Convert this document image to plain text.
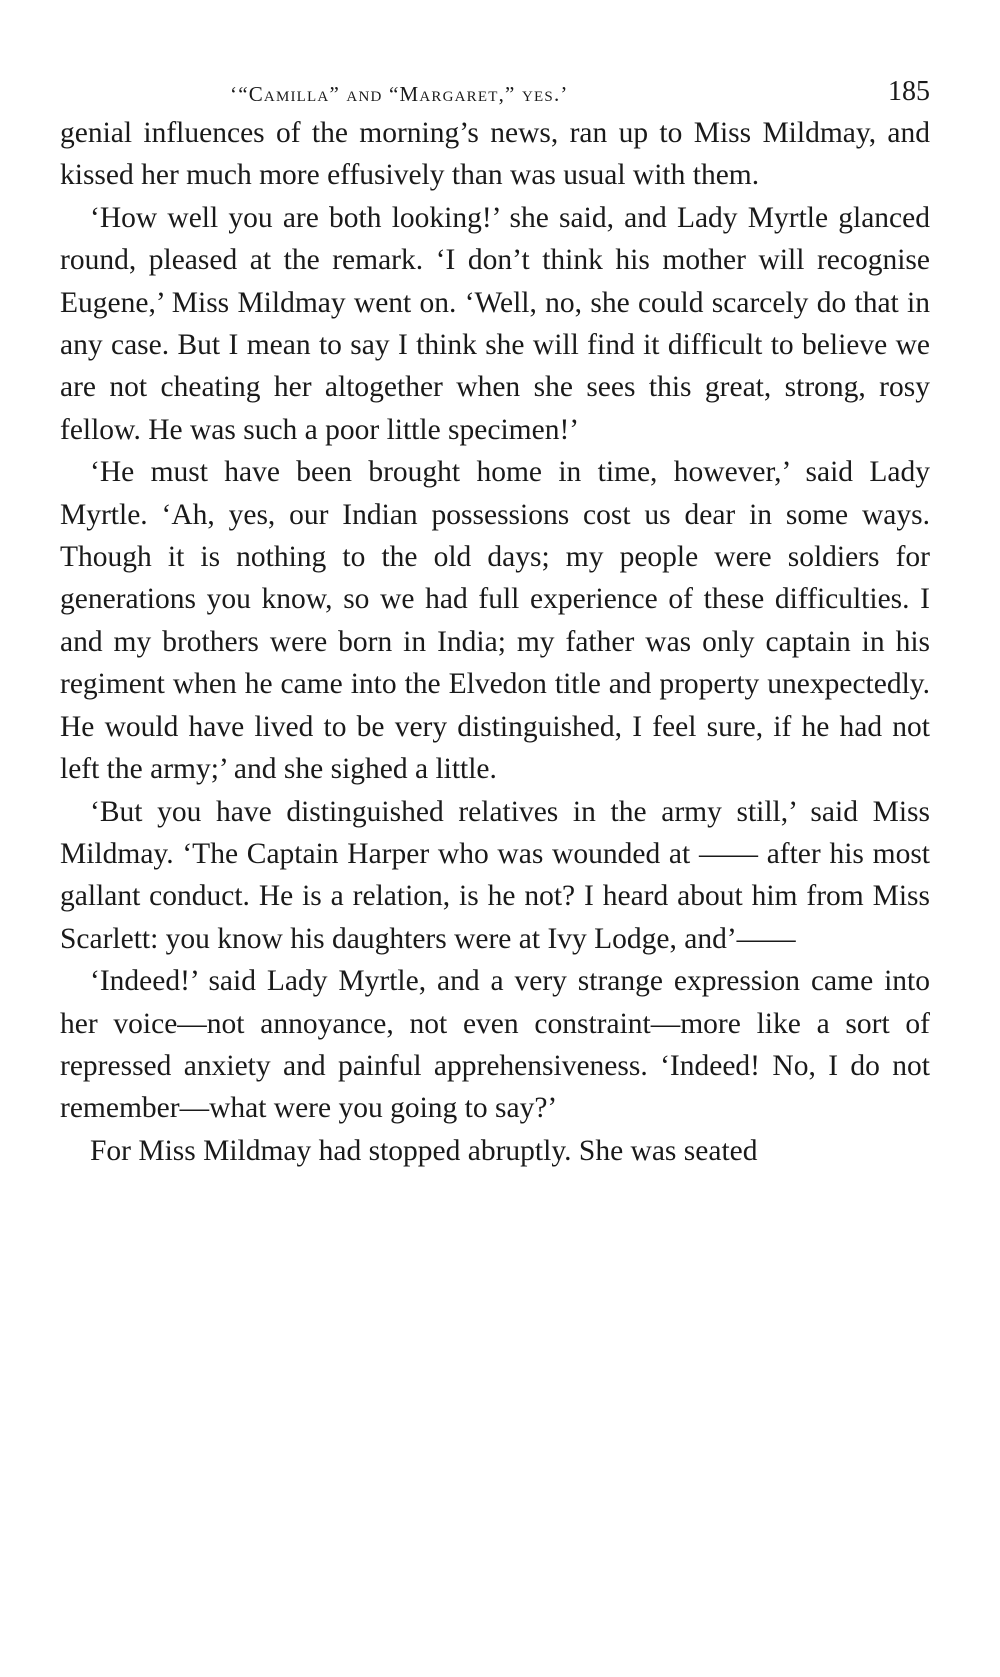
‘“Camilla” and “Margaret,” yes.’	185

genial influences of the morning’s news, ran up to Miss Mildmay, and kissed her much more effusively than was usual with them.

‘How well you are both looking!’ she said, and Lady Myrtle glanced round, pleased at the remark. ‘I don’t think his mother will recognise Eugene,’ Miss Mildmay went on. ‘Well, no, she could scarcely do that in any case. But I mean to say I think she will find it difficult to believe we are not cheating her altogether when she sees this great, strong, rosy fellow. He was such a poor little specimen!’

‘He must have been brought home in time, however,’ said Lady Myrtle. ‘Ah, yes, our Indian possessions cost us dear in some ways. Though it is nothing to the old days; my people were soldiers for generations you know, so we had full experience of these difficulties. I and my brothers were born in India; my father was only captain in his regiment when he came into the Elvedon title and property unexpectedly. He would have lived to be very distinguished, I feel sure, if he had not left the army;’ and she sighed a little.

‘But you have distinguished relatives in the army still,’ said Miss Mildmay. ‘The Captain Harper who was wounded at —— after his most gallant conduct. He is a relation, is he not? I heard about him from Miss Scarlett: you know his daughters were at Ivy Lodge, and’——

‘Indeed!’ said Lady Myrtle, and a very strange expression came into her voice—not annoyance, not even constraint—more like a sort of repressed anxiety and painful apprehensiveness. ‘Indeed! No, I do not remember—what were you going to say?’

For Miss Mildmay had stopped abruptly. She was seated
